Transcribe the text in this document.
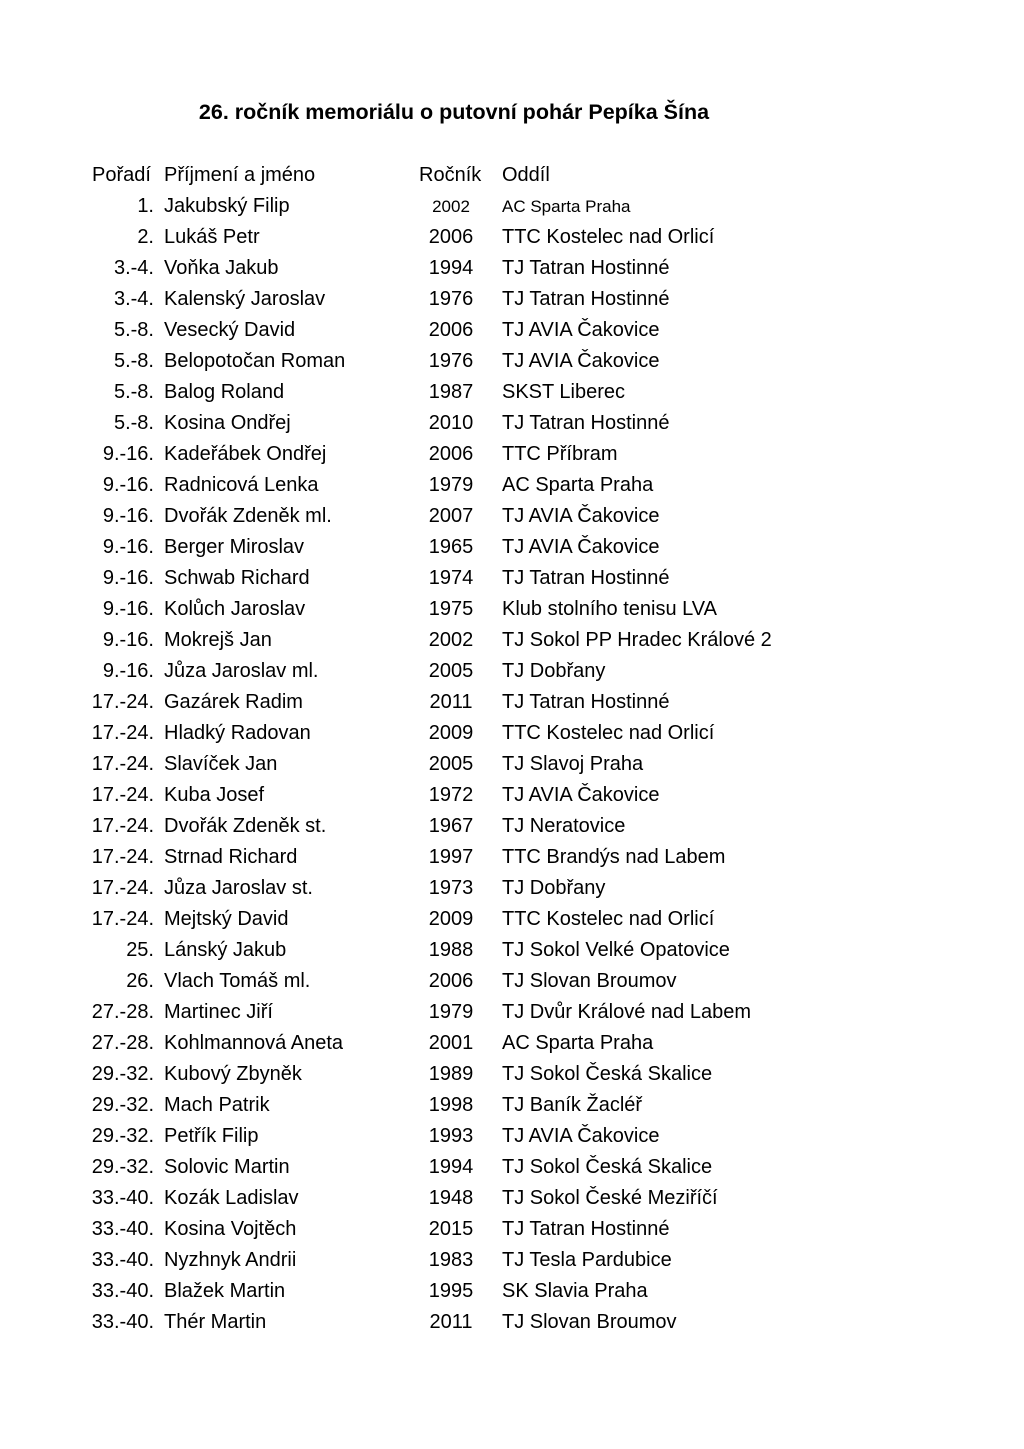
26. ročník memoriálu o putovní pohár Pepíka Šína
Pořadí Příjmení a jméno	Ročník Oddíl
1. Jakubský Filip	2002	AC Sparta Praha
2. Lukáš Petr	2006	TTC Kostelec nad Orlicí
3.-4. Voňka Jakub	1994	TJ Tatran Hostinné
3.-4. Kalenský Jaroslav	1976	TJ Tatran Hostinné
5.-8. Vesecký David	2006	TJ AVIA Čakovice
5.-8. Belopotočan Roman	1976	TJ AVIA Čakovice
5.-8. Balog Roland	1987	SKST Liberec
5.-8. Kosina Ondřej	2010	TJ Tatran Hostinné
9.-16. Kadeřábek Ondřej	2006	TTC Příbram
9.-16. Radnicová Lenka	1979	AC Sparta Praha
9.-16. Dvořák Zdeněk ml.	2007	TJ AVIA Čakovice
9.-16. Berger Miroslav	1965	TJ AVIA Čakovice
9.-16. Schwab Richard	1974	TJ Tatran Hostinné
9.-16. Kolůch Jaroslav	1975	Klub stolního tenisu LVA
9.-16. Mokrejš Jan	2002	TJ Sokol PP Hradec Králové 2
9.-16. Jůza Jaroslav ml.	2005	TJ Dobřany
17.-24. Gazárek Radim	2011	TJ Tatran Hostinné
17.-24. Hladký Radovan	2009	TTC Kostelec nad Orlicí
17.-24. Slavíček Jan	2005	TJ Slavoj Praha
17.-24. Kuba Josef	1972	TJ AVIA Čakovice
17.-24. Dvořák Zdeněk st.	1967	TJ Neratovice
17.-24. Strnad Richard	1997	TTC Brandýs nad Labem
17.-24. Jůza Jaroslav st.	1973	TJ Dobřany
17.-24. Mejtský David	2009	TTC Kostelec nad Orlicí
25. Lánský Jakub	1988	TJ Sokol Velké Opatovice
26. Vlach Tomáš ml.	2006	TJ Slovan Broumov
27.-28. Martinec Jiří	1979	TJ Dvůr Králové nad Labem
27.-28. Kohlmannová Aneta	2001	AC Sparta Praha
29.-32. Kubový Zbyněk	1989	TJ Sokol Česká Skalice
29.-32. Mach Patrik	1998	TJ Baník Žacléř
29.-32. Petřík Filip	1993	TJ AVIA Čakovice
29.-32. Solovic Martin	1994	TJ Sokol Česká Skalice
33.-40. Kozák Ladislav	1948	TJ Sokol České Meziříčí
33.-40. Kosina Vojtěch	2015	TJ Tatran Hostinné
33.-40. Nyzhnyk Andrii	1983	TJ Tesla Pardubice
33.-40. Blažek Martin	1995	SK Slavia Praha
33.-40. Thér Martin	2011	TJ Slovan Broumov
